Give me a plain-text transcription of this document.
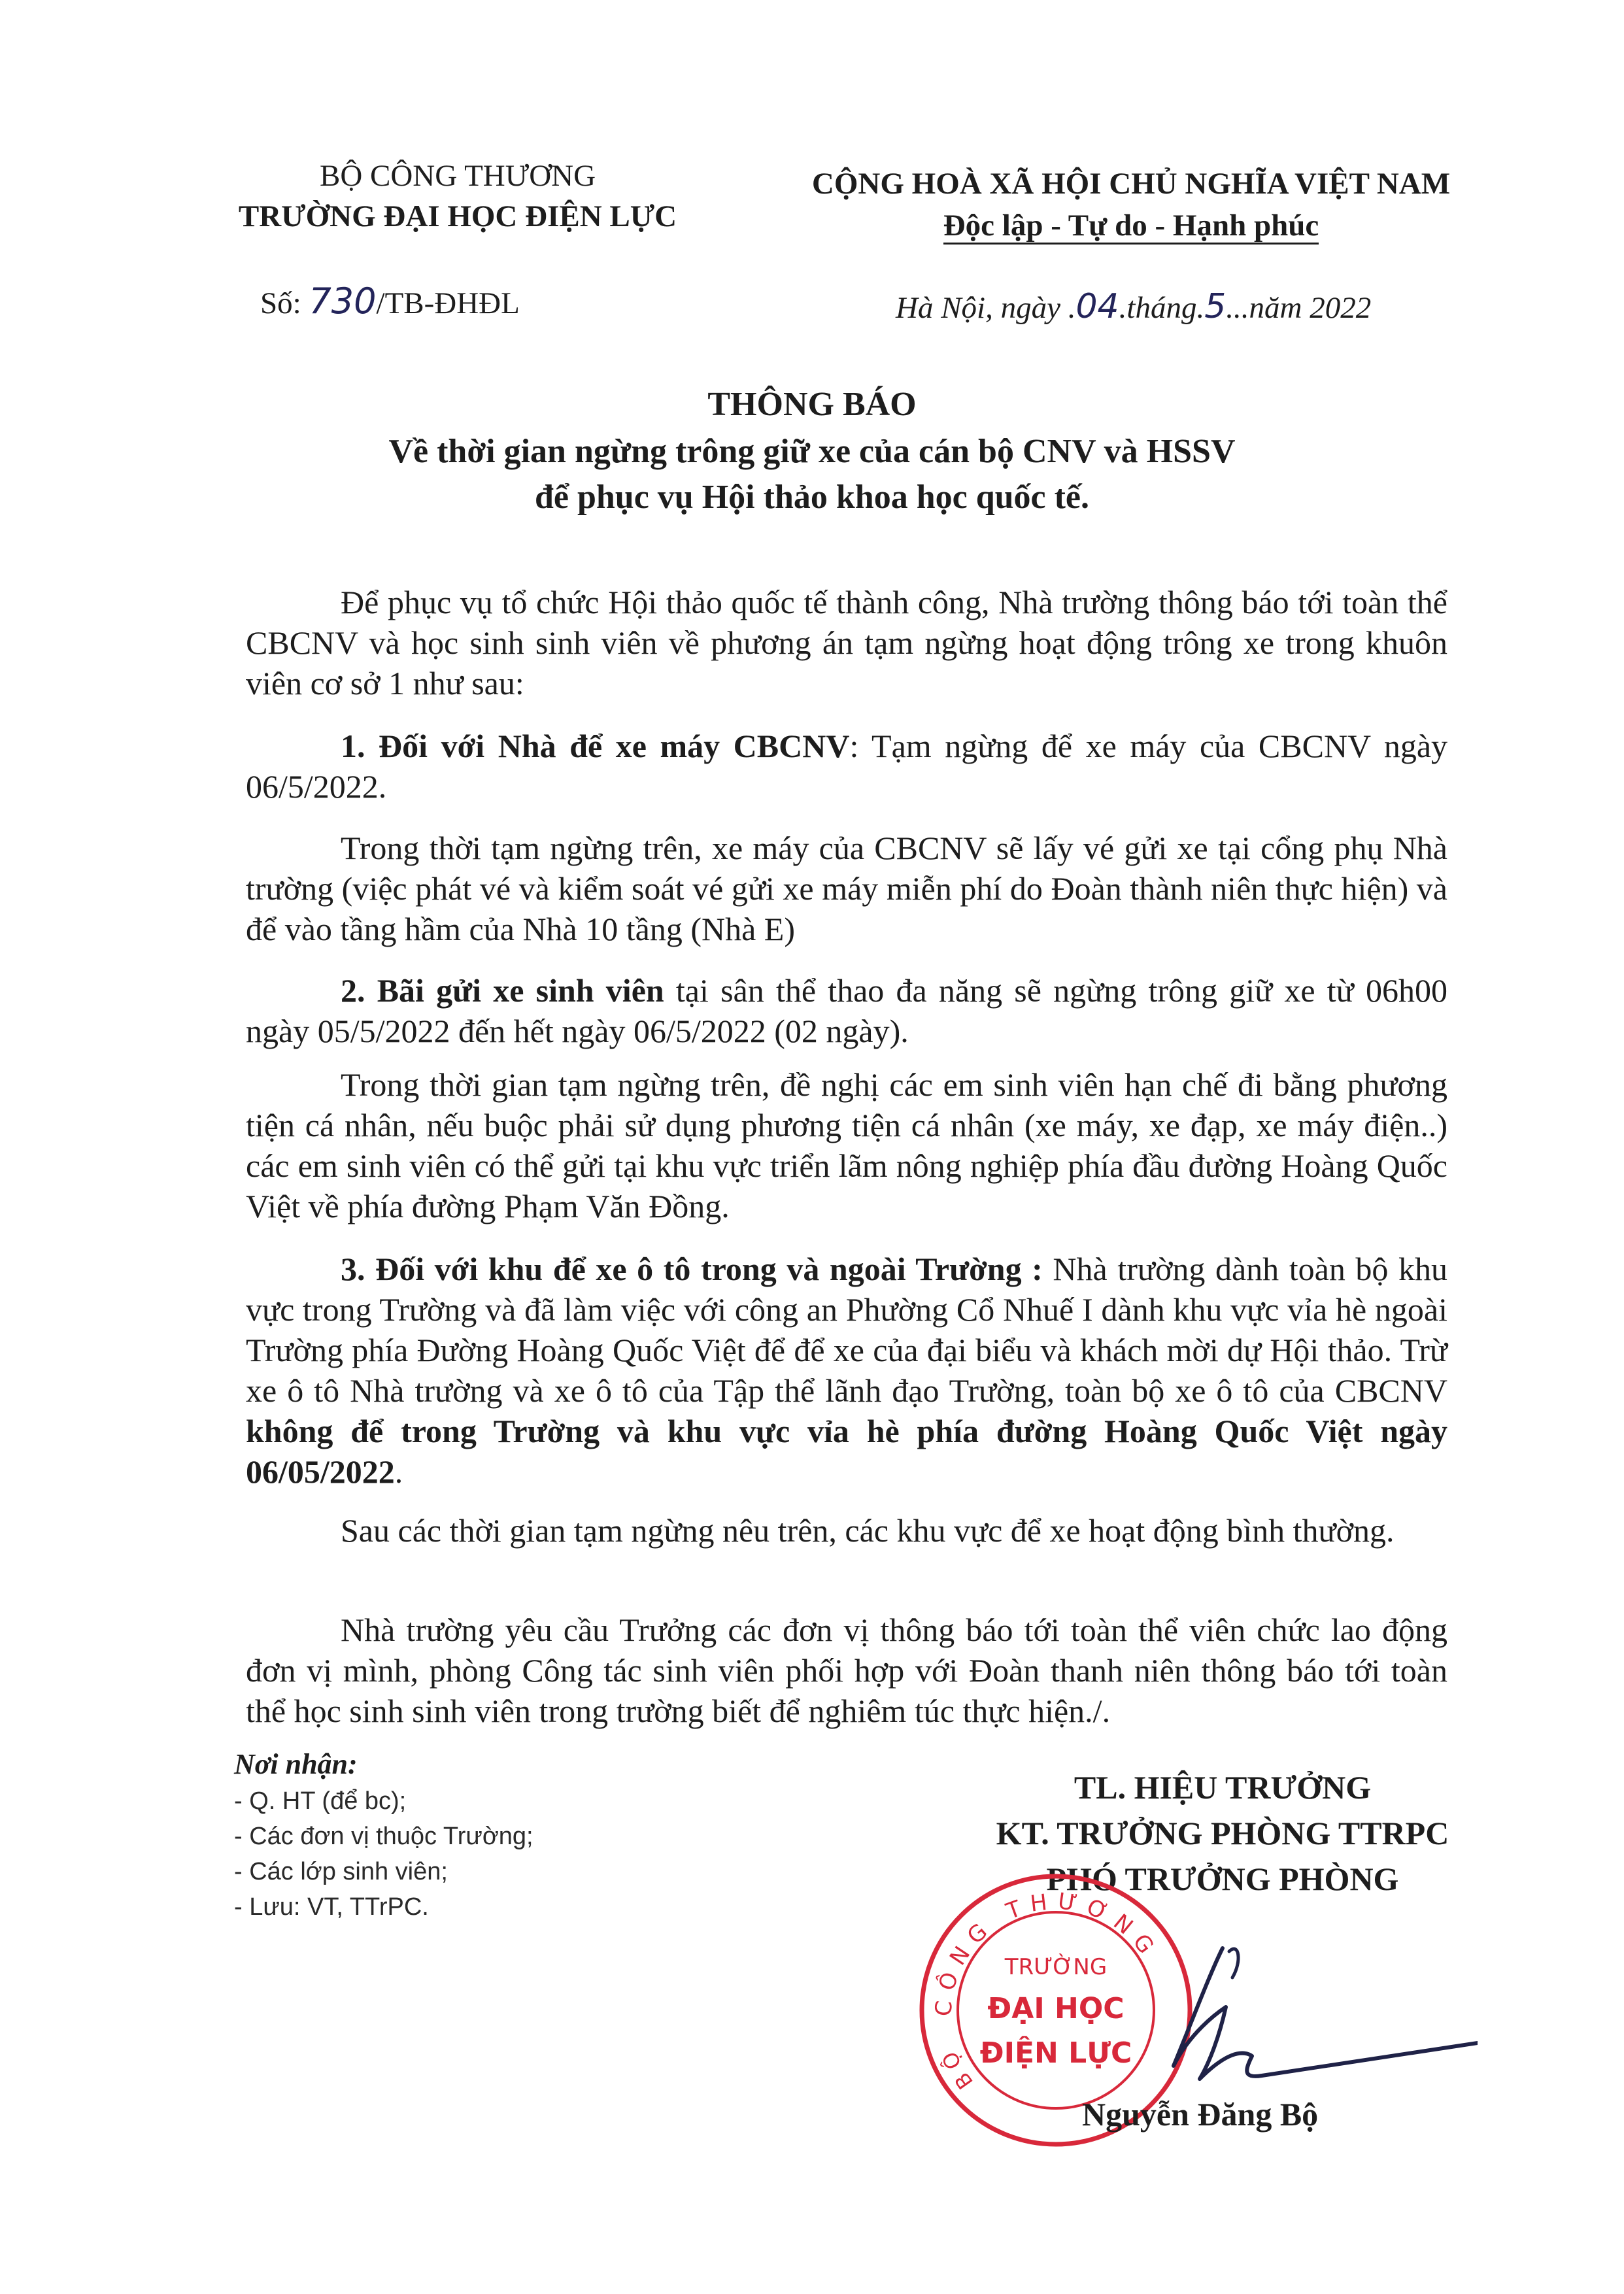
BỘ CÔNG THƯƠNG
TRƯỜNG ĐẠI HỌC ĐIỆN LỰC
Số: 730/TB-ĐHĐL
CỘNG HOÀ XÃ HỘI CHỦ NGHĨA VIỆT NAM
Độc lập - Tự do - Hạnh phúc
Hà Nội, ngày .04.tháng.5...năm 2022
THÔNG BÁO
Về thời gian ngừng trông giữ xe của cán bộ CNV và HSSV
để phục vụ Hội thảo khoa học quốc tế.
Để phục vụ tổ chức Hội thảo quốc tế thành công, Nhà trường thông báo tới toàn thể CBCNV và học sinh sinh viên về phương án tạm ngừng hoạt động trông xe trong khuôn viên cơ sở 1 như sau:
1. Đối với Nhà để xe máy CBCNV: Tạm ngừng để xe máy của CBCNV ngày 06/5/2022.
Trong thời tạm ngừng trên, xe máy của CBCNV sẽ lấy vé gửi xe tại cổng phụ Nhà trường (việc phát vé và kiểm soát vé gửi xe máy miễn phí do Đoàn thành niên thực hiện) và để vào tầng hầm của Nhà 10 tầng (Nhà E)
2. Bãi gửi xe sinh viên tại sân thể thao đa năng sẽ ngừng trông giữ xe từ 06h00 ngày 05/5/2022 đến hết ngày 06/5/2022 (02 ngày).
Trong thời gian tạm ngừng trên, đề nghị các em sinh viên hạn chế đi bằng phương tiện cá nhân, nếu buộc phải sử dụng phương tiện cá nhân (xe máy, xe đạp, xe máy điện..) các em sinh viên có thể gửi tại khu vực triển lãm nông nghiệp phía đầu đường Hoàng Quốc Việt về phía đường Phạm Văn Đồng.
3. Đối với khu để xe ô tô trong và ngoài Trường : Nhà trường dành toàn bộ khu vực trong Trường và đã làm việc với công an Phường Cổ Nhuế I dành khu vực vỉa hè ngoài Trường phía Đường Hoàng Quốc Việt để để xe của đại biểu và khách mời dự Hội thảo. Trừ xe ô tô Nhà trường và xe ô tô của Tập thể lãnh đạo Trường, toàn bộ xe ô tô của CBCNV không để trong Trường và khu vực vỉa hè phía đường Hoàng Quốc Việt ngày 06/05/2022.
Sau các thời gian tạm ngừng nêu trên, các khu vực để xe hoạt động bình thường.
Nhà trường yêu cầu Trưởng các đơn vị thông báo tới toàn thể viên chức lao động đơn vị mình, phòng Công tác sinh viên phối hợp với Đoàn thanh niên thông báo tới toàn thể học sinh sinh viên trong trường biết để nghiêm túc thực hiện./.
Nơi nhận:
- Q. HT (để bc);
- Các đơn vị thuộc Trường;
- Các lớp sinh viên;
- Lưu: VT, TTrPC.
TL. HIỆU TRƯỞNG
KT. TRƯỞNG PHÒNG TTRPC
PHÓ TRƯỞNG PHÒNG
CÔNG THƯƠNG
BỘ
TRƯỜNG
ĐẠI HỌC
ĐIỆN LỰC
Nguyễn Đăng Bộ
